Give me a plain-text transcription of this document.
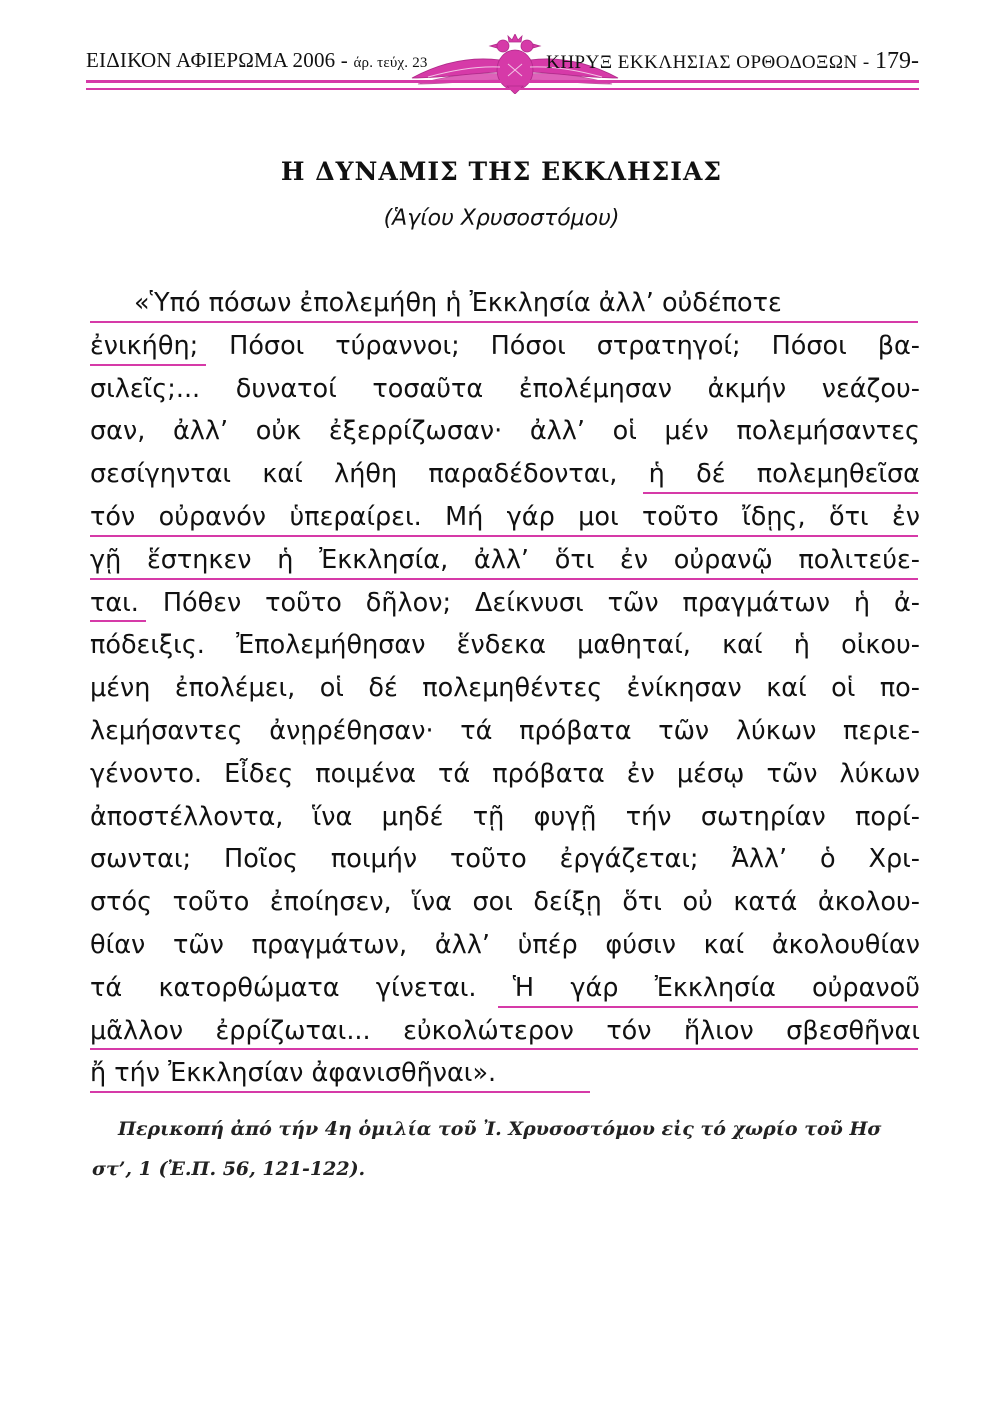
ΕΙΔΙΚΟΝ ΑΦΙΕΡΩΜΑ 2006 - άρ. τεύχ. 23	ΚΗΡΥΞ ΕΚΚΛΗΣΙΑΣ ΟΡΘΟΔΟΞΩΝ - 179-
Η ΔΥΝΑΜΙΣ ΤΗΣ ΕΚΚΛΗΣΙΑΣ
(Ἁγίου Χρυσοστόμου)
«Ὑπό πόσων ἐπολεμήθη ἡ Ἐκκλησία ἀλλ’ οὐδέποτε
ἐνικήθη; Πόσοι τύραννοι; Πόσοι στρατηγοί; Πόσοι βα-
σιλεῖς;... δυνατοί τοσαῦτα ἐπολέμησαν ἀκμήν νεάζου-
σαν, ἀλλ’ οὐκ ἐξερρίζωσαν· ἀλλ’ οἱ μέν πολεμήσαντες
σεσίγηνται καί λήθη παραδέδονται, ἡ δέ πολεμηθεῖσα
τόν οὐρανόν ὑπεραίρει. Μή γάρ μοι τοῦτο ἴδῃς, ὅτι ἐν
γῇ ἕστηκεν ἡ Ἐκκλησία, ἀλλ’ ὅτι ἐν οὐρανῷ πολιτεύε-
ται. Πόθεν τοῦτο δῆλον; Δείκνυσι τῶν πραγμάτων ἡ ἀ-
πόδειξις. Ἐπολεμήθησαν ἕνδεκα μαθηταί, καί ἡ οἰκου-
μένη ἐπολέμει, οἱ δέ πολεμηθέντες ἐνίκησαν καί οἱ πο-
λεμήσαντες ἀνῃρέθησαν· τά πρόβατα τῶν λύκων περιε-
γένοντο. Εἶδες ποιμένα τά πρόβατα ἐν μέσῳ τῶν λύκων
ἀποστέλλοντα, ἵνα μηδέ τῇ φυγῇ τήν σωτηρίαν πορί-
σωνται; Ποῖος ποιμήν τοῦτο ἐργάζεται; Ἀλλ’ ὁ Χρι-
στός τοῦτο ἐποίησεν, ἵνα σοι δείξῃ ὅτι οὐ κατά ἀκολου-
θίαν τῶν πραγμάτων, ἀλλ’ ὑπέρ φύσιν καί ἀκολουθίαν
τά κατορθώματα γίνεται. Ἡ γάρ Ἐκκλησία οὐρανοῦ
μᾶλλον ἐρρίζωται... εὐκολώτερον τόν ἥλιον σβεσθῆναι
ἤ τήν Ἐκκλησίαν ἀφανισθῆναι».
Περικοπή ἀπό τήν 4η ὁμιλία τοῦ Ἰ. Χρυσοστόμου εἰς τό χωρίο τοῦ Ησ
στ’, 1 (Ἐ.Π. 56, 121-122).
